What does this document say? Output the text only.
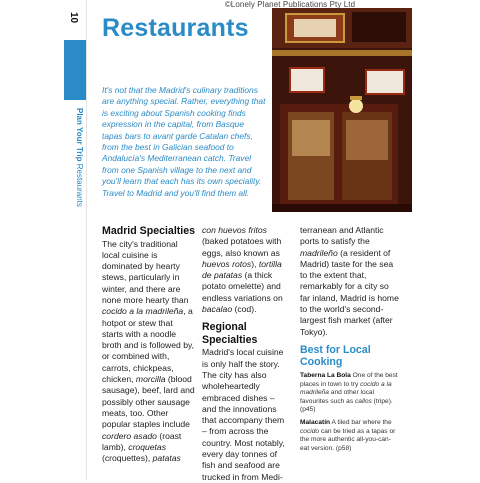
©Lonely Planet Publications Pty Ltd
10
Plan Your Trip Restaurants
Restaurants
It's not that the Madrid's culinary traditions are anything special. Rather, everything that is exciting about Spanish cooking finds expression in the capital, from Basque tapas bars to avant garde Catalan chefs, from the best in Galician seafood to Andalucía's Mediterranean catch. Travel from one Spanish village to the next and you'll learn that each has its own speciality. Travel to Madrid and you'll find them all.
Madrid Specialties

The city's traditional local cuisine is dominated by hearty stews, particularly in winter, and there are none more hearty than cocido a la madrileña, a hotpot or stew that starts with a noodle broth and is followed by, or combined with, carrots, chickpeas, chicken, morcilla (blood sausage), beef, lard and possibly other sausage meats, too. Other popular staples include cordero asado (roast lamb), croquetas (croquettes), patatas

con huevos fritos (baked potatoes with eggs, also known as huevos rotos), tortilla de patatas (a thick potato omelette) and endless variations on bacalao (cod).

Regional Specialties

Madrid's local cuisine is only half the story. The city has also wholeheartedly embraced dishes – and the innovations that accompany them – from across the country. Most notably, every day tonnes of fish and seafood are trucked in from Medi-

terranean and Atlantic ports to satisfy the madrileño (a resident of Madrid) taste for the sea to the extent that, remarkably for a city so far inland, Madrid is home to the world's second-largest fish market (after Tokyo).

Best for Local Cooking

Taberna La Bola One of the best places in town to try cocido a la madrileña and other local favourites such as callos (tripe). (p45)

Malacatín A tiled bar where the cocido can be tried as a tapas or the more authentic all-you-can-eat version. (p58)
